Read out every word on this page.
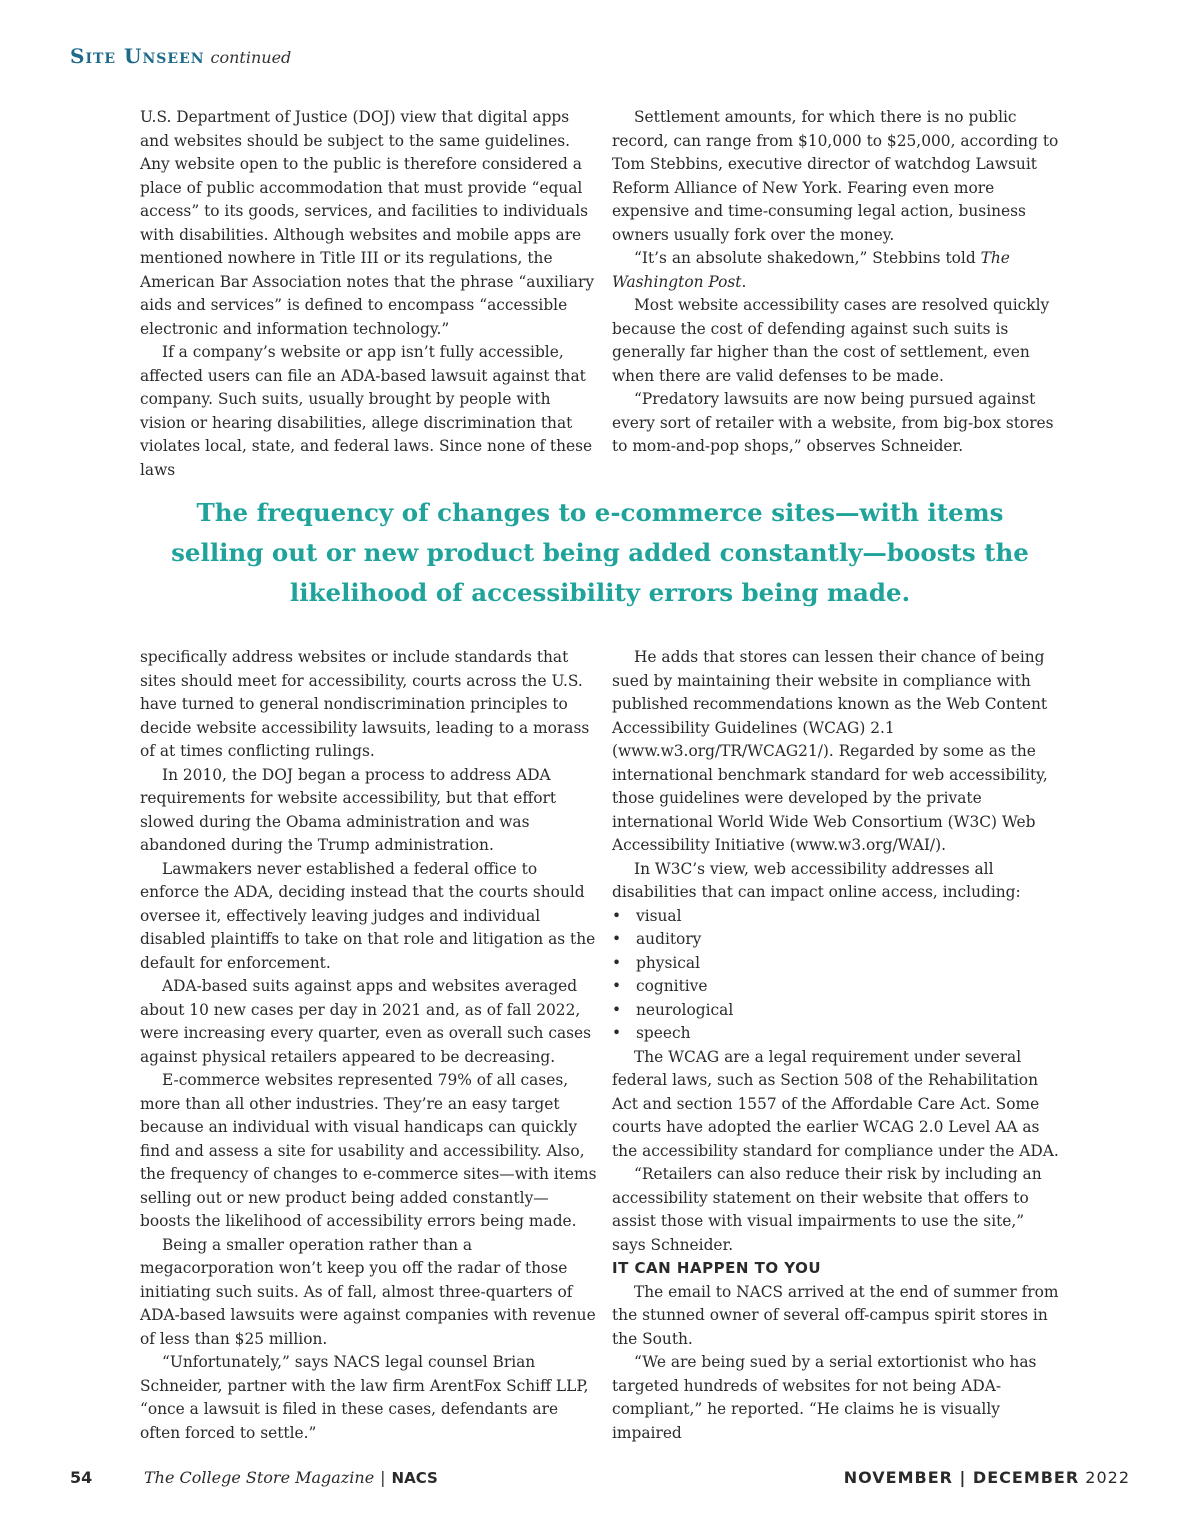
Site Unseen continued

U.S. Department of Justice (DOJ) view that digital apps and websites should be subject to the same guidelines. Any website open to the public is therefore considered a place of public accommodation that must provide “equal access” to its goods, services, and facilities to individuals with disabilities. Although websites and mobile apps are mentioned nowhere in Title III or its regulations, the American Bar Association notes that the phrase “auxiliary aids and services” is defined to encompass “accessible electronic and information technology.”

If a company’s website or app isn’t fully accessible, affected users can file an ADA-based lawsuit against that company. Such suits, usually brought by people with vision or hearing disabilities, allege discrimination that violates local, state, and federal laws. Since none of these laws

Settlement amounts, for which there is no public record, can range from $10,000 to $25,000, according to Tom Stebbins, executive director of watchdog Lawsuit Reform Alliance of New York. Fearing even more expensive and time-consuming legal action, business owners usually fork over the money.

“It’s an absolute shakedown,” Stebbins told The Washington Post.

Most website accessibility cases are resolved quickly because the cost of defending against such suits is generally far higher than the cost of settlement, even when there are valid defenses to be made.

“Predatory lawsuits are now being pursued against every sort of retailer with a website, from big-box stores to mom-and-pop shops,” observes Schneider.

The frequency of changes to e-commerce sites—with items selling out or new product being added constantly—boosts the likelihood of accessibility errors being made.

specifically address websites or include standards that sites should meet for accessibility, courts across the U.S. have turned to general nondiscrimination principles to decide website accessibility lawsuits, leading to a morass of at times conflicting rulings.

In 2010, the DOJ began a process to address ADA requirements for website accessibility, but that effort slowed during the Obama administration and was abandoned during the Trump administration.

Lawmakers never established a federal office to enforce the ADA, deciding instead that the courts should oversee it, effectively leaving judges and individual disabled plaintiffs to take on that role and litigation as the default for enforcement.

ADA-based suits against apps and websites averaged about 10 new cases per day in 2021 and, as of fall 2022, were increasing every quarter, even as overall such cases against physical retailers appeared to be decreasing.

E-commerce websites represented 79% of all cases, more than all other industries. They’re an easy target because an individual with visual handicaps can quickly find and assess a site for usability and accessibility. Also, the frequency of changes to e-commerce sites—with items selling out or new product being added constantly—boosts the likelihood of accessibility errors being made.

Being a smaller operation rather than a megacorporation won’t keep you off the radar of those initiating such suits. As of fall, almost three-quarters of ADA-based lawsuits were against companies with revenue of less than $25 million.

“Unfortunately,” says NACS legal counsel Brian Schneider, partner with the law firm ArentFox Schiff LLP, “once a lawsuit is filed in these cases, defendants are often forced to settle.”

He adds that stores can lessen their chance of being sued by maintaining their website in compliance with published recommendations known as the Web Content Accessibility Guidelines (WCAG) 2.1 (www.w3.org/TR/WCAG21/). Regarded by some as the international benchmark standard for web accessibility, those guidelines were developed by the private international World Wide Web Consortium (W3C) Web Accessibility Initiative (www.w3.org/WAI/).

In W3C’s view, web accessibility addresses all disabilities that can impact online access, including:

• visual
• auditory
• physical
• cognitive
• neurological
• speech

The WCAG are a legal requirement under several federal laws, such as Section 508 of the Rehabilitation Act and section 1557 of the Affordable Care Act. Some courts have adopted the earlier WCAG 2.0 Level AA as the accessibility standard for compliance under the ADA.

“Retailers can also reduce their risk by including an accessibility statement on their website that offers to assist those with visual impairments to use the site,” says Schneider.

IT CAN HAPPEN TO YOU

The email to NACS arrived at the end of summer from the stunned owner of several off-campus spirit stores in the South.

“We are being sued by a serial extortionist who has targeted hundreds of websites for not being ADA-compliant,” he reported. “He claims he is visually impaired

54	The College Store Magazine | NACS	NOVEMBER | DECEMBER 2022
